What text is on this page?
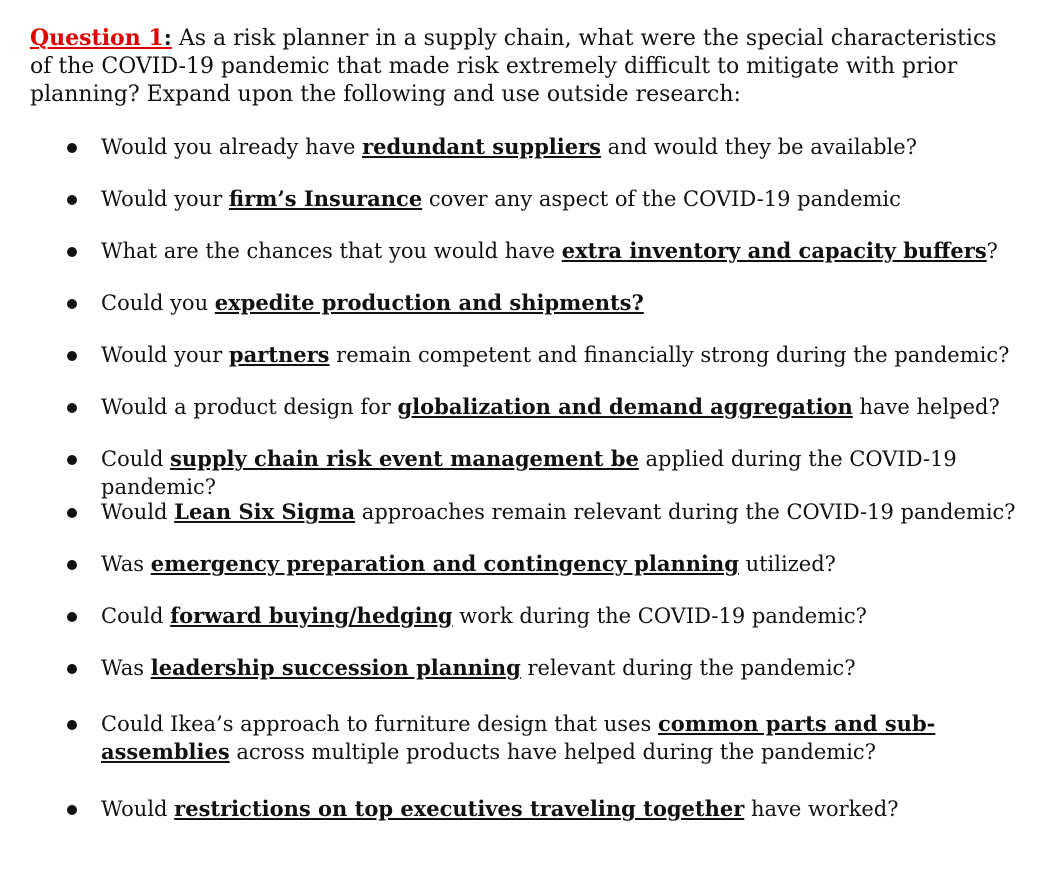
Question 1: As a risk planner in a supply chain, what were the special characteristics of the COVID-19 pandemic that made risk extremely difficult to mitigate with prior planning? Expand upon the following and use outside research:

Would you already have redundant suppliers and would they be available?
Would your firm’s Insurance cover any aspect of the COVID-19 pandemic
What are the chances that you would have extra inventory and capacity buffers?
Could you expedite production and shipments?
Would your partners remain competent and financially strong during the pandemic?
Would a product design for globalization and demand aggregation have helped?
Could supply chain risk event management be applied during the COVID-19 pandemic?
Would Lean Six Sigma approaches remain relevant during the COVID-19 pandemic?
Was emergency preparation and contingency planning utilized?
Could forward buying/hedging work during the COVID-19 pandemic?
Was leadership succession planning relevant during the pandemic?
Could Ikea’s approach to furniture design that uses common parts and sub-assemblies across multiple products have helped during the pandemic?
Would restrictions on top executives traveling together have worked?
